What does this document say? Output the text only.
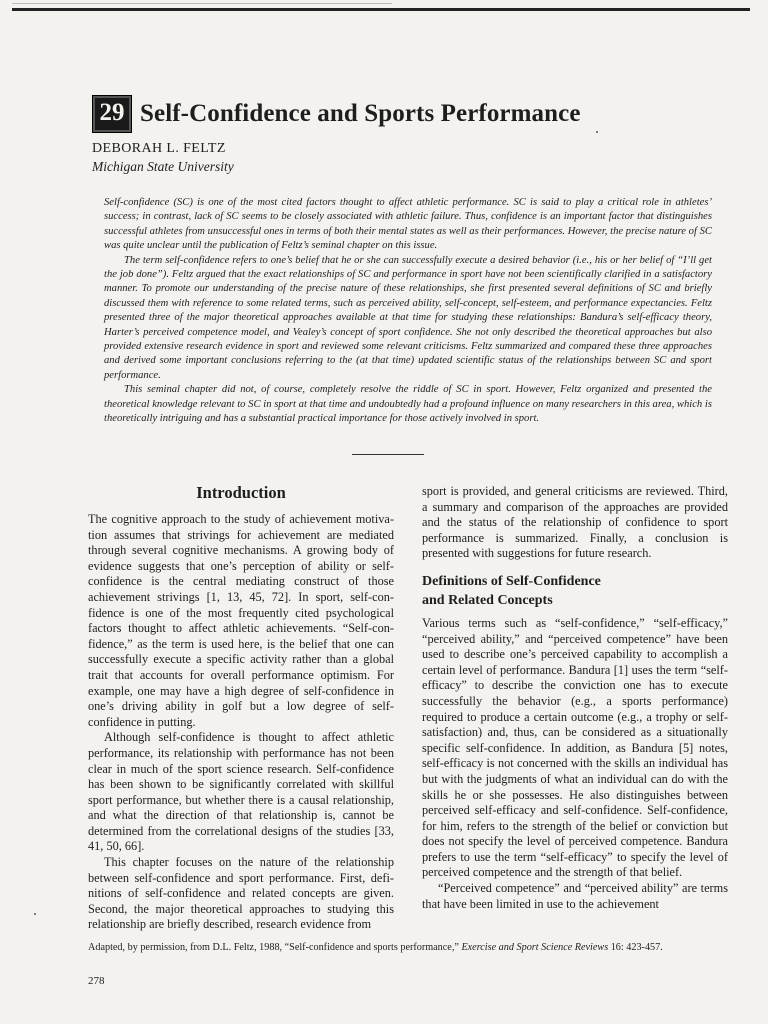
29 Self-Confidence and Sports Performance
DEBORAH L. FELTZ
Michigan State University

Self-confidence (SC) is one of the most cited factors thought to affect athletic performance. SC is said to play a critical role in athletes’ success; in contrast, lack of SC seems to be closely associated with athletic failure. Thus, confidence is an important factor that distinguishes successful athletes from unsuccessful ones in terms of both their mental states as well as their performances. However, the precise nature of SC was quite unclear until the publication of Feltz’s seminal chapter on this issue.

The term self-confidence refers to one’s belief that he or she can successfully execute a desired behavior (i.e., his or her belief of “I’ll get the job done”). Feltz argued that the exact relationships of SC and performance in sport have not been scientifically clarified in a satisfactory manner. To promote our understanding of the precise nature of these relationships, she first presented several definitions of SC and briefly discussed them with reference to some related terms, such as perceived ability, self-concept, self-esteem, and performance expectancies. Feltz presented three of the major theoretical approaches available at that time for studying these relationships: Bandura’s self-efficacy theory, Harter’s perceived competence model, and Vealey’s concept of sport confidence. She not only described the theoretical approaches but also provided extensive research evidence in sport and reviewed some relevant criticisms. Feltz summarized and compared these three approaches and derived some important conclusions referring to the (at that time) updated scientific status of the relationships between SC and sport performance.

This seminal chapter did not, of course, completely resolve the riddle of SC in sport. However, Feltz organized and presented the theoretical knowledge relevant to SC in sport at that time and undoubtedly had a profound influence on many researchers in this area, which is theoretically intriguing and has a substantial practical importance for those actively involved in sport.

Introduction

The cognitive approach to the study of achievement motivation assumes that strivings for achievement are mediated through several cognitive mechanisms. A growing body of evidence suggests that one’s perception of ability or self-confidence is the central mediating construct of those achievement strivings [1, 13, 45, 72]. In sport, self-confidence is one of the most frequently cited psychological factors thought to affect athletic achievements. “Self-confidence,” as the term is used here, is the belief that one can successfully execute a specific activity rather than a global trait that accounts for overall performance optimism. For example, one may have a high degree of self-confidence in one’s driving ability in golf but a low degree of self-confidence in putting.

Although self-confidence is thought to affect athletic performance, its relationship with performance has not been clear in much of the sport science research. Self-confidence has been shown to be significantly correlated with skillful sport performance, but whether there is a causal relationship, and what the direction of that relationship is, cannot be determined from the correlational designs of the studies [33, 41, 50, 66].

This chapter focuses on the nature of the relationship between self-confidence and sport performance. First, definitions of self-confidence and related concepts are given. Second, the major theoretical approaches to studying this relationship are briefly described, research evidence from

sport is provided, and general criticisms are reviewed. Third, a summary and comparison of the approaches are provided and the status of the relationship of confidence to sport performance is summarized. Finally, a conclusion is presented with suggestions for future research.

Definitions of Self-Confidence
and Related Concepts

Various terms such as “self-confidence,” “self-efficacy,” “perceived ability,” and “perceived competence” have been used to describe one’s perceived capability to accomplish a certain level of performance. Bandura [1] uses the term “self-efficacy” to describe the conviction one has to execute successfully the behavior (e.g., a sports performance) required to produce a certain outcome (e.g., a trophy or self-satisfaction) and, thus, can be considered as a situationally specific self-confidence. In addition, as Bandura [5] notes, self-efficacy is not concerned with the skills an individual has but with the judgments of what an individual can do with the skills he or she possesses. He also distinguishes between perceived self-efficacy and self-confidence. Self-confidence, for him, refers to the strength of the belief or conviction but does not specify the level of perceived competence. Bandura prefers to use the term “self-efficacy” to specify the level of perceived competence and the strength of that belief.

“Perceived competence” and “perceived ability” are terms that have been limited in use to the achievement

Adapted, by permission, from D.L. Feltz, 1988, “Self-confidence and sports performance,” Exercise and Sport Science Reviews 16: 423-457.
278
